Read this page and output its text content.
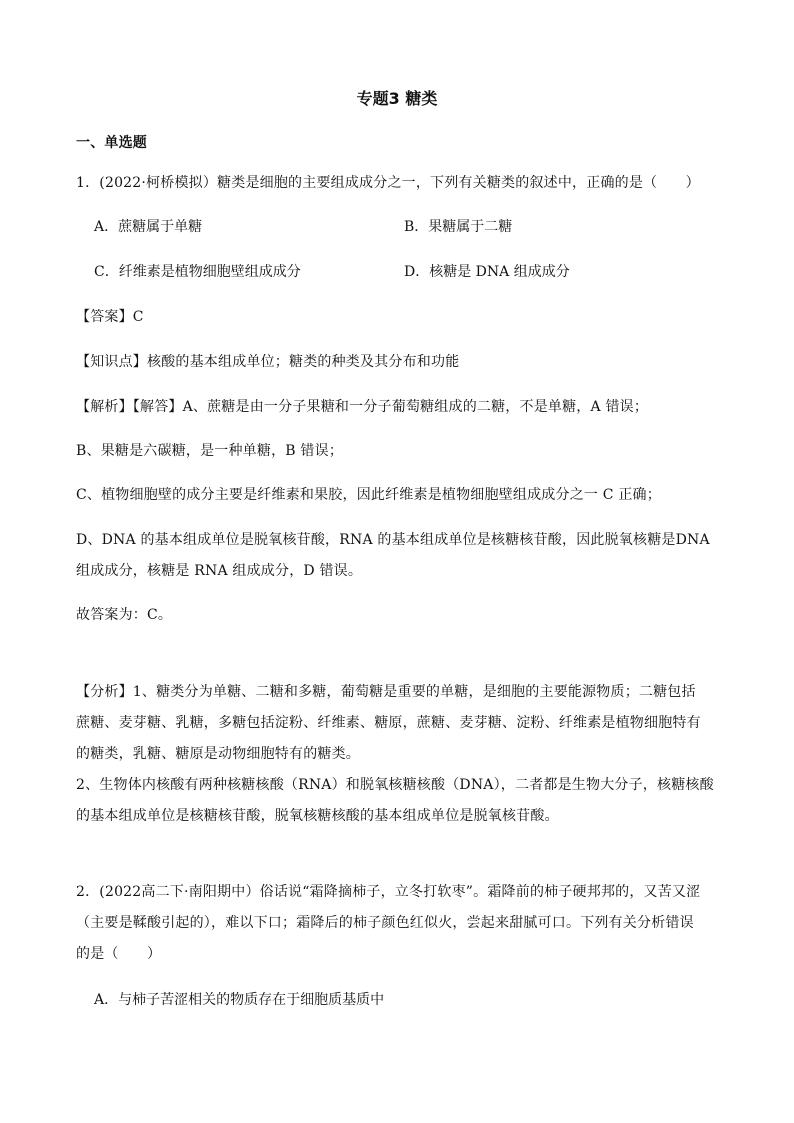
专题3 糖类
一、单选题
1．(2022·柯桥模拟）糖类是细胞的主要组成成分之一，下列有关糖类的叙述中，正确的是（　　）
A．蔗糖属于单糖	B．果糖属于二糖
C．纤维素是植物细胞壁组成成分	D．核糖是 DNA 组成成分
【答案】C
【知识点】核酸的基本组成单位；糖类的种类及其分布和功能
【解析】【解答】A、蔗糖是由一分子果糖和一分子葡萄糖组成的二糖，不是单糖，A 错误；
B、果糖是六碳糖，是一种单糖，B 错误；
C、植物细胞壁的成分主要是纤维素和果胶，因此纤维素是植物细胞壁组成成分之一 C 正确；
D、DNA 的基本组成单位是脱氧核苷酸，RNA 的基本组成单位是核糖核苷酸，因此脱氧核糖是DNA
组成成分，核糖是 RNA 组成成分，D 错误。
故答案为：C。
【分析】1、糖类分为单糖、二糖和多糖，葡萄糖是重要的单糖，是细胞的主要能源物质；二糖包括
蔗糖、麦芽糖、乳糖，多糖包括淀粉、纤维素、糖原，蔗糖、麦芽糖、淀粉、纤维素是植物细胞特有
的糖类，乳糖、糖原是动物细胞特有的糖类。
2、生物体内核酸有两种核糖核酸（RNA）和脱氧核糖核酸（DNA），二者都是生物大分子，核糖核酸
的基本组成单位是核糖核苷酸，脱氧核糖核酸的基本组成单位是脱氧核苷酸。
2．(2022高二下·南阳期中）俗话说“霜降摘柿子，立冬打软枣”。霜降前的柿子硬邦邦的，又苦又涩
（主要是鞣酸引起的），难以下口；霜降后的柿子颜色红似火，尝起来甜腻可口。下列有关分析错误
的是（　　）
A．与柿子苦涩相关的物质存在于细胞质基质中
